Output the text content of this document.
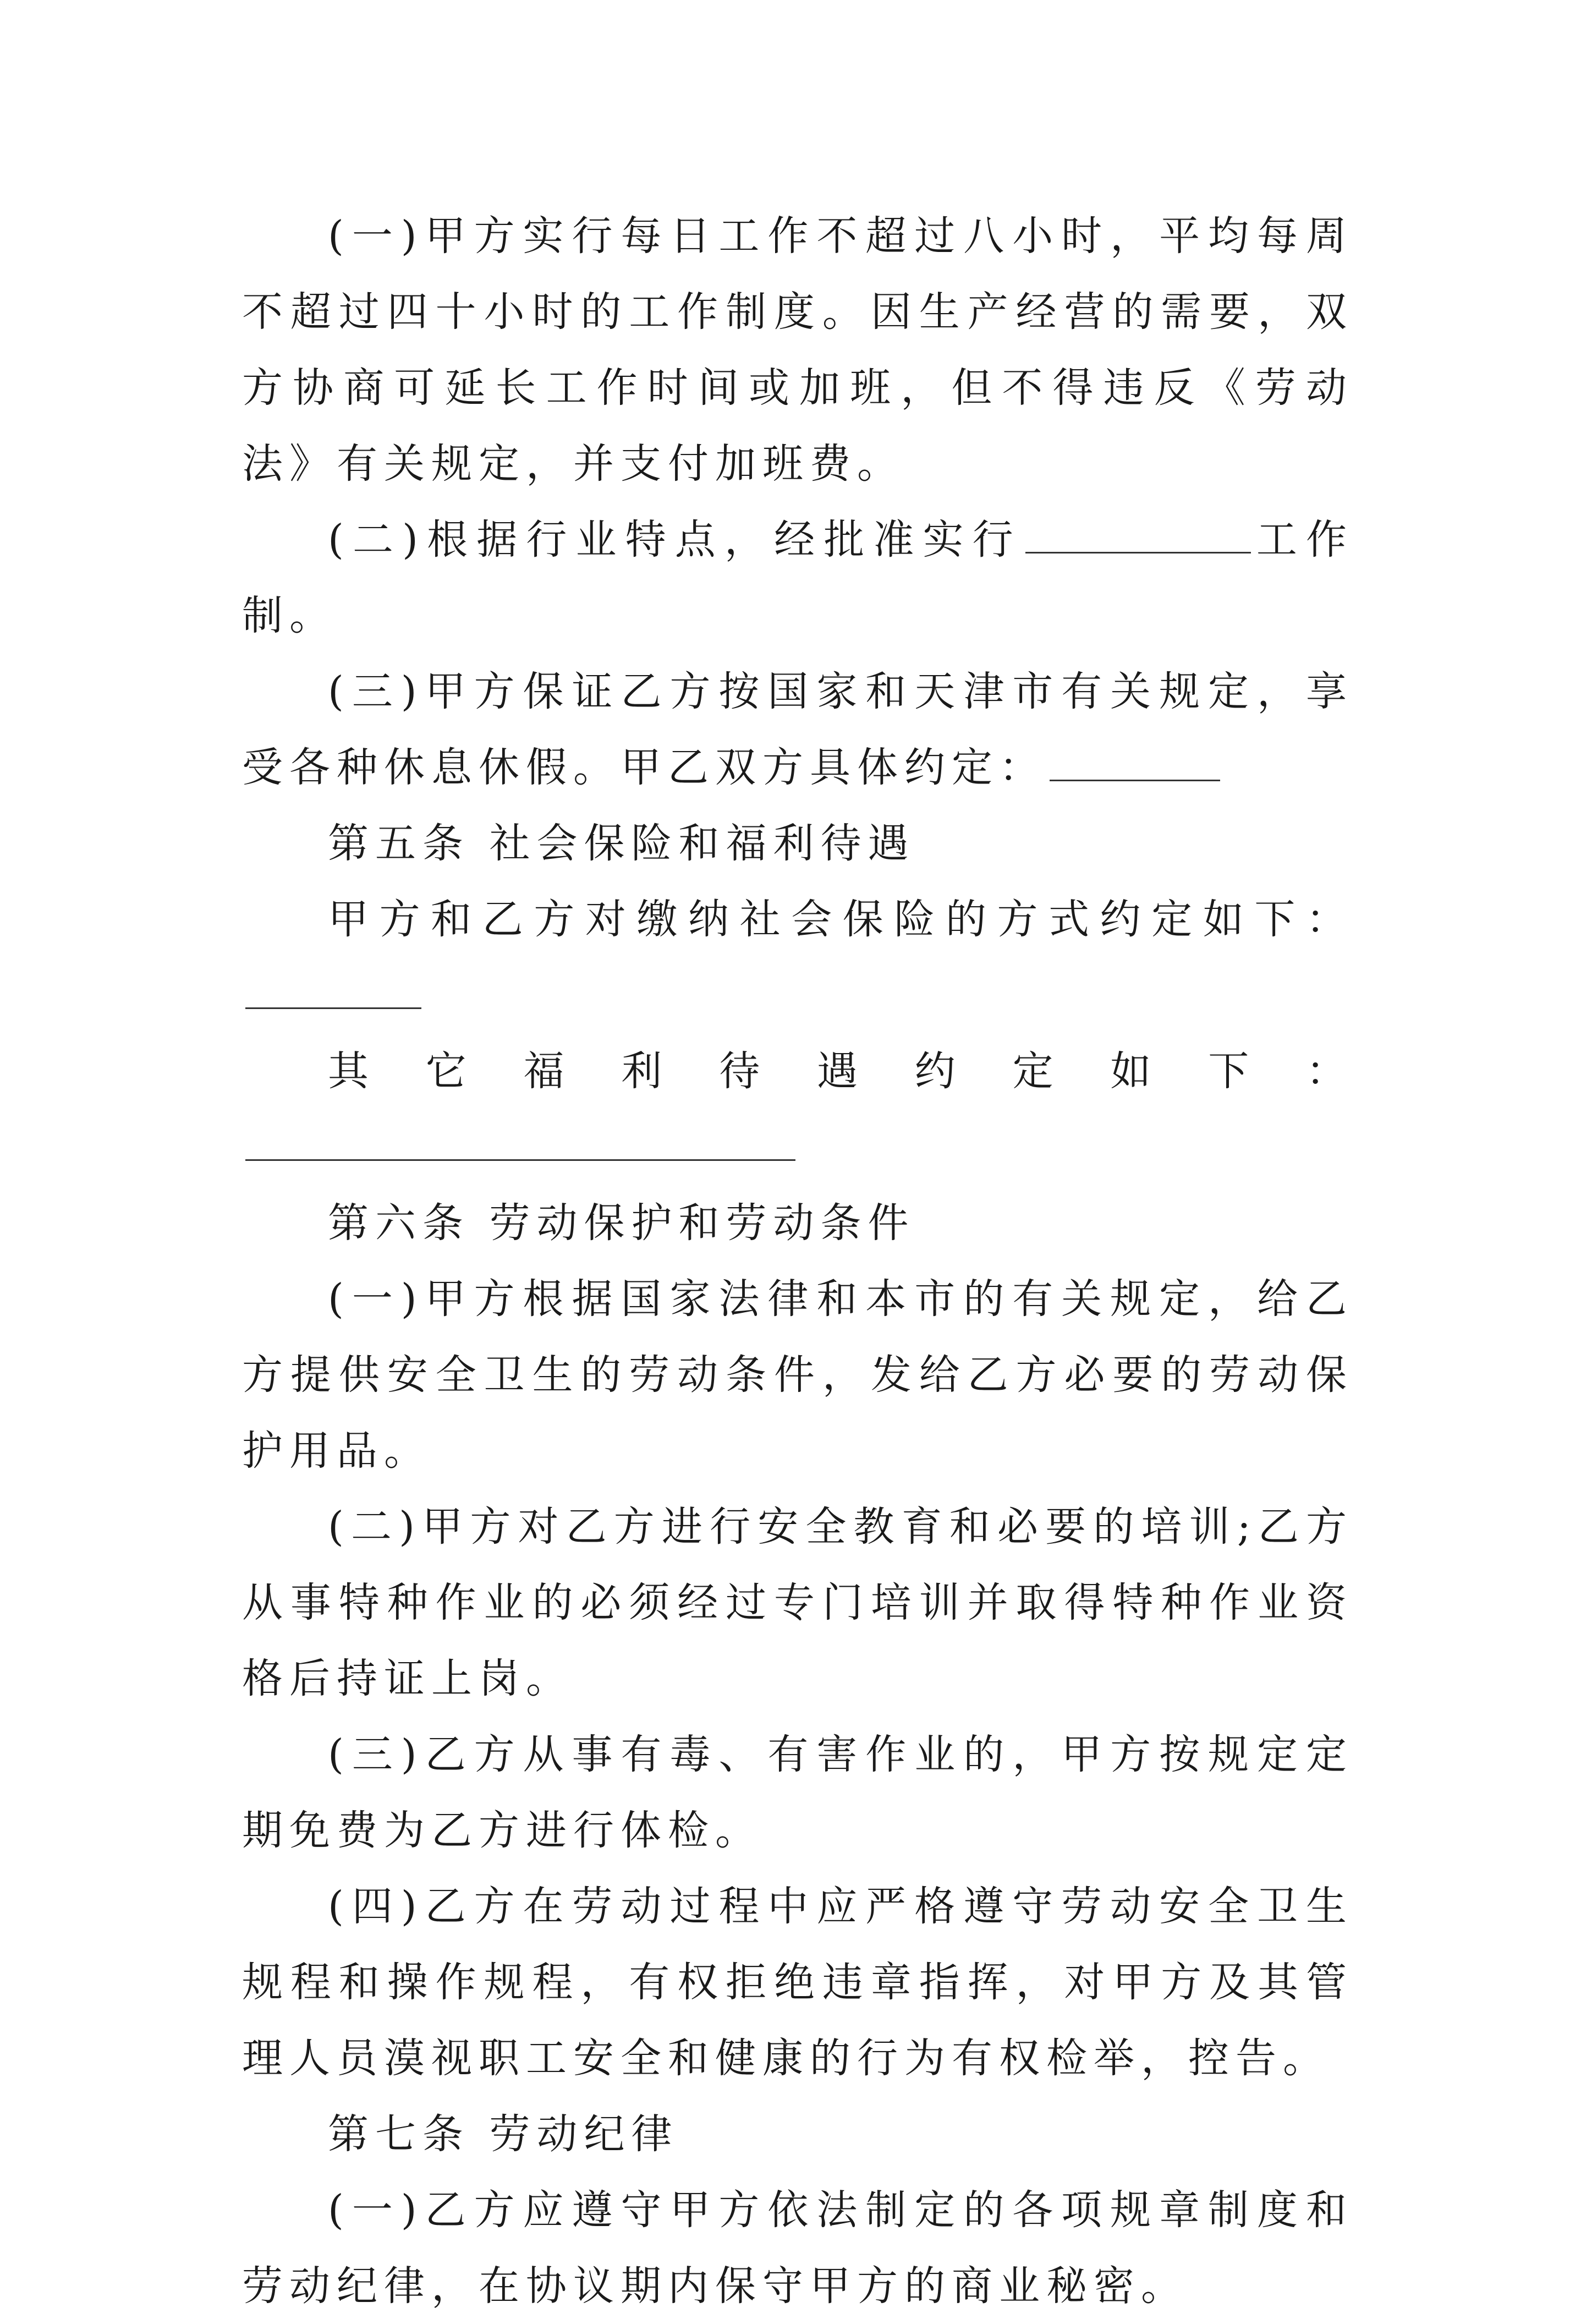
(一)甲方实行每日工作不超过八小时，平均每周不超过四十小时的工作制度。因生产经营的需要，双方协商可延长工作时间或加班，但不得违反《劳动法》有关规定，并支付加班费。

(二)根据行业特点，经批准实行	工作制。

(三)甲方保证乙方按国家和天津市有关规定，享受各种休息休假。甲乙双方具体约定：

第五条 社会保险和福利待遇

甲方和乙方对缴纳社会保险的方式约定如下：

其它福利待遇约定如下：

第六条 劳动保护和劳动条件

(一)甲方根据国家法律和本市的有关规定，给乙方提供安全卫生的劳动条件，发给乙方必要的劳动保护用品。

(二)甲方对乙方进行安全教育和必要的培训;乙方从事特种作业的必须经过专门培训并取得特种作业资格后持证上岗。

(三)乙方从事有毒、有害作业的，甲方按规定定期免费为乙方进行体检。

(四)乙方在劳动过程中应严格遵守劳动安全卫生规程和操作规程，有权拒绝违章指挥，对甲方及其管理人员漠视职工安全和健康的行为有权检举，控告。

第七条 劳动纪律

(一)乙方应遵守甲方依法制定的各项规章制度和劳动纪律，在协议期内保守甲方的商业秘密。
